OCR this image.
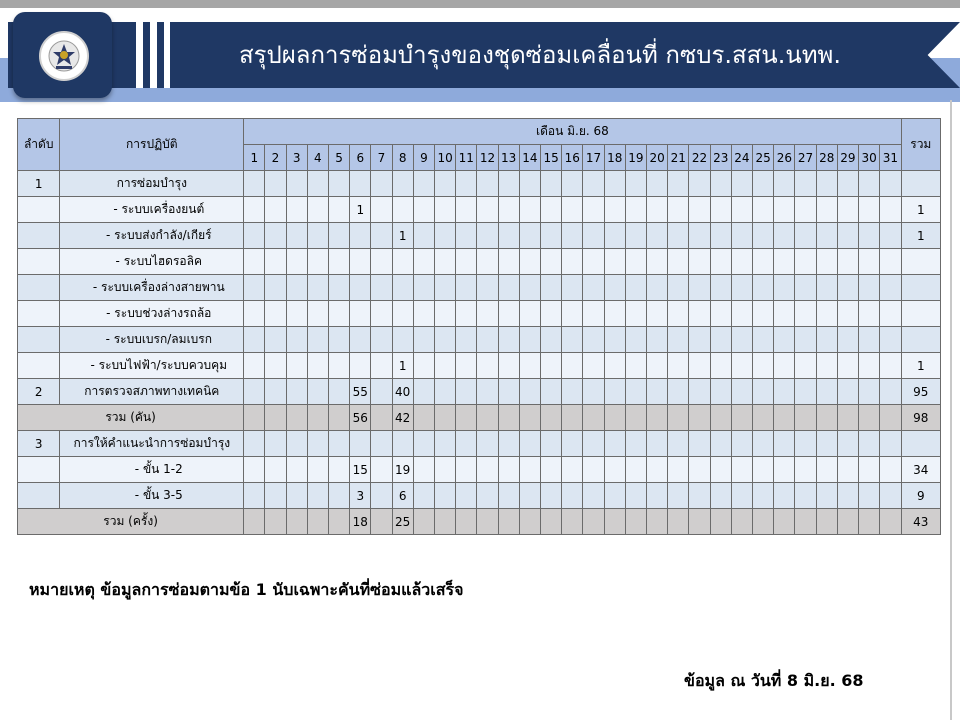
สรุปผลการซ่อมบำรุงของชุดซ่อมเคลื่อนที่ กซบร.สสน.นทพ.
ลำดับ	การปฏิบัติ	เดือน มิ.ย. 68																															รวม
		1	2	3	4	5	6	7	8	9	10	11	12	13	14	15	16	17	18	19	20	21	22	23	24	25	26	27	28	29	30	31	
1	การซ่อมบำรุง																																
	- ระบบเครื่องยนต์						1																										1
	- ระบบส่งกำลัง/เกียร์								1																								1
	- ระบบไฮดรอลิค																																
	- ระบบเครื่องล่างสายพาน																																
	- ระบบช่วงล่างรถล้อ																																
	- ระบบเบรก/ลมเบรก																																
	- ระบบไฟฟ้า/ระบบควบคุม								1																								1
2	การตรวจสภาพทางเทคนิค						55		40																								95
รวม (คัน)							56		42																								98
3	การให้คำแนะนำการซ่อมบำรุง																																
	- ขั้น 1-2						15		19																								34
	- ขั้น 3-5						3		6																								9
รวม (ครั้ง)							18		25																								43
หมายเหตุ ข้อมูลการซ่อมตามข้อ 1 นับเฉพาะคันที่ซ่อมแล้วเสร็จ
ข้อมูล ณ วันที่ 8 มิ.ย. 68
